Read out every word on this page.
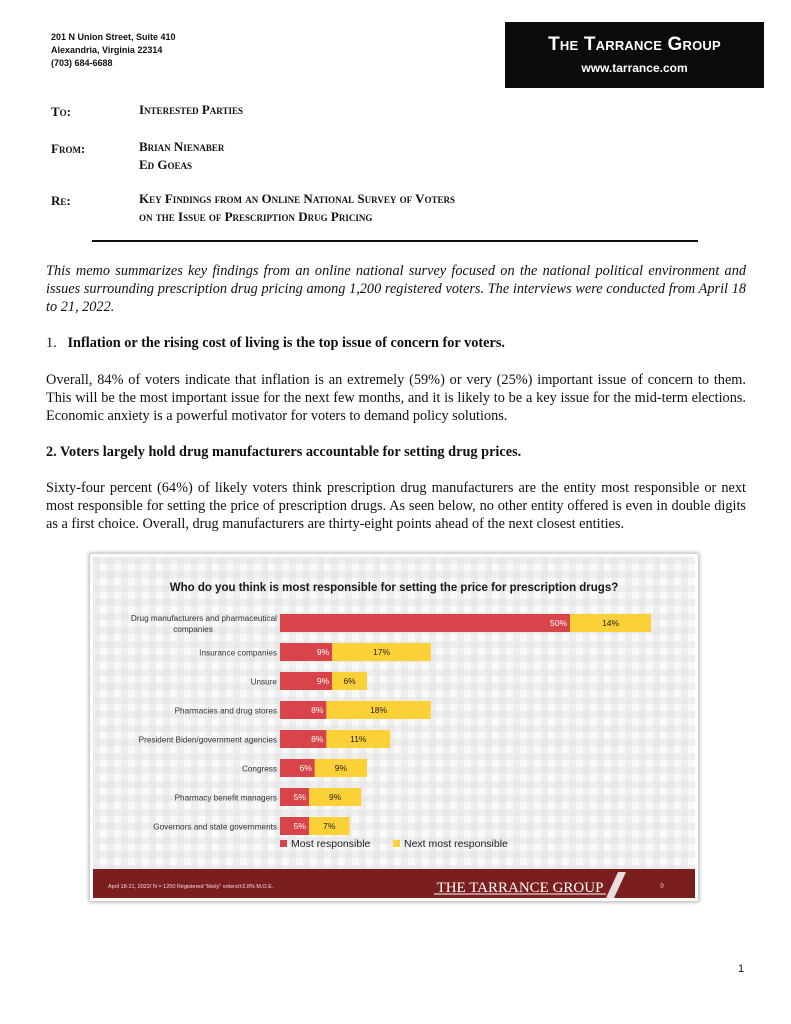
201 N Union Street, Suite 410
Alexandria, Virginia 22314
(703) 684-6688
The Tarrance Group
www.tarrance.com
To:	Interested Parties
From:	Brian Nienaber
Ed Goeas
Re:	Key Findings from an Online National Survey of Voters
on the Issue of Prescription Drug Pricing
This memo summarizes key findings from an online national survey focused on the national political environment and issues surrounding prescription drug pricing among 1,200 registered voters. The interviews were conducted from April 18 to 21, 2022.
1. Inflation or the rising cost of living is the top issue of concern for voters.
Overall, 84% of voters indicate that inflation is an extremely (59%) or very (25%) important issue of concern to them. This will be the most important issue for the next few months, and it is likely to be a key issue for the mid-term elections. Economic anxiety is a powerful motivator for voters to demand policy solutions.
2. Voters largely hold drug manufacturers accountable for setting drug prices.
Sixty-four percent (64%) of likely voters think prescription drug manufacturers are the entity most responsible or next most responsible for setting the price of prescription drugs. As seen below, no other entity offered is even in double digits as a first choice. Overall, drug manufacturers are thirty-eight points ahead of the next closest entities.
Who do you think is most responsible for setting the price for prescription drugs?
Drug manufacturers and pharmaceutical
companies
50%	14%
Insurance companies	9%	17%
Unsure	9% 6%
Pharmacies and drug stores	8%	18%
President Biden/government agencies	8%	11%
Congress	6%	9%
Pharmacy benefit managers 5%	9%
Governors and state governments 5% 7%
Most responsible	Next most responsible
April 18-21, 2022/ N = 1200 Registered "likely" voters/±2.8% M.O.E.	THE TARRANCE GROUP	9
1
